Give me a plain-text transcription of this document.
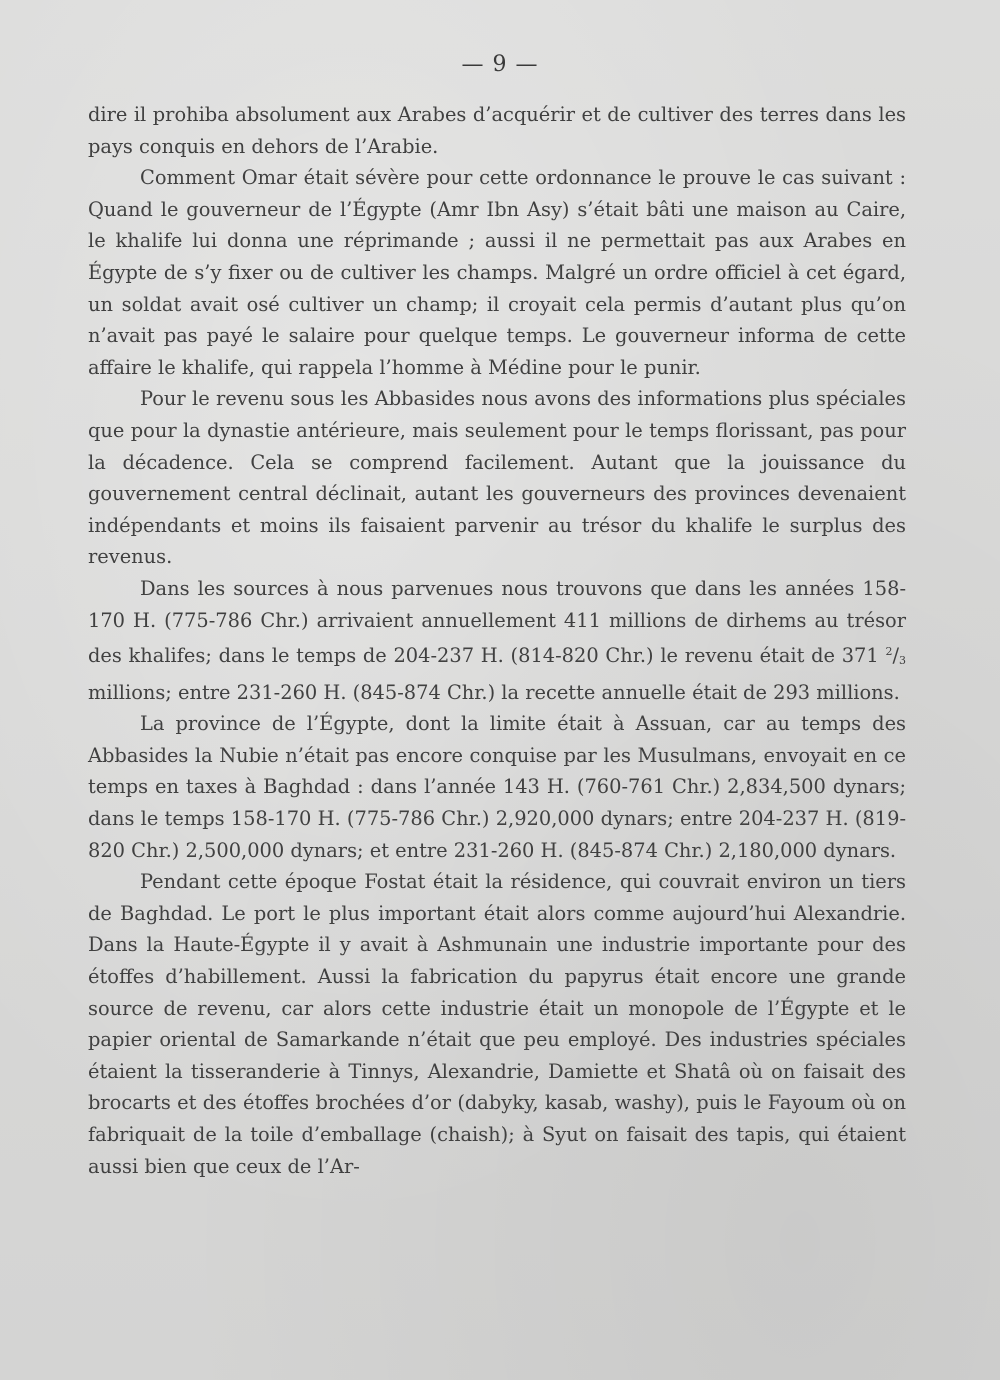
— 9 —

dire il prohiba absolument aux Arabes d’acquérir et de cultiver des terres dans les pays conquis en dehors de l’Arabie.

Comment Omar était sévère pour cette ordonnance le prouve le cas suivant : Quand le gouverneur de l’Égypte (Amr Ibn Asy) s’était bâti une maison au Caire, le khalife lui donna une réprimande ; aussi il ne permettait pas aux Arabes en Égypte de s’y fixer ou de cultiver les champs. Malgré un ordre officiel à cet égard, un soldat avait osé cultiver un champ; il croyait cela permis d’autant plus qu’on n’avait pas payé le salaire pour quelque temps. Le gouverneur informa de cette affaire le khalife, qui rappela l’homme à Médine pour le punir.

Pour le revenu sous les Abbasides nous avons des informations plus spéciales que pour la dynastie antérieure, mais seulement pour le temps florissant, pas pour la décadence. Cela se comprend facilement. Autant que la jouissance du gouvernement central déclinait, autant les gouverneurs des provinces devenaient indépendants et moins ils faisaient parvenir au trésor du khalife le surplus des revenus.

Dans les sources à nous parvenues nous trouvons que dans les années 158-170 H. (775-786 Chr.) arrivaient annuellement 411 millions de dirhems au trésor des khalifes; dans le temps de 204-237 H. (814-820 Chr.) le revenu était de 371 $^2/_3$ millions; entre 231-260 H. (845-874 Chr.) la recette annuelle était de 293 millions.

La province de l’Égypte, dont la limite était à Assuan, car au temps des Abbasides la Nubie n’était pas encore conquise par les Musulmans, envoyait en ce temps en taxes à Baghdad : dans l’année 143 H. (760-761 Chr.) 2,834,500 dynars; dans le temps 158-170 H. (775-786 Chr.) 2,920,000 dynars; entre 204-237 H. (819-820 Chr.) 2,500,000 dynars; et entre 231-260 H. (845-874 Chr.) 2,180,000 dynars.

Pendant cette époque Fostat était la résidence, qui couvrait environ un tiers de Baghdad. Le port le plus important était alors comme aujourd’hui Alexandrie. Dans la Haute-Égypte il y avait à Ashmunain une industrie importante pour des étoffes d’habillement. Aussi la fabrication du papyrus était encore une grande source de revenu, car alors cette industrie était un monopole de l’Égypte et le papier oriental de Samarkande n’était que peu employé. Des industries spéciales étaient la tisseranderie à Tinnys, Alexandrie, Damiette et Shatâ où on faisait des brocarts et des étoffes brochées d’or (dabyky, kasab, washy), puis le Fayoum où on fabriquait de la toile d’emballage (chaish); à Syut on faisait des tapis, qui étaient aussi bien que ceux de l’Ar-
